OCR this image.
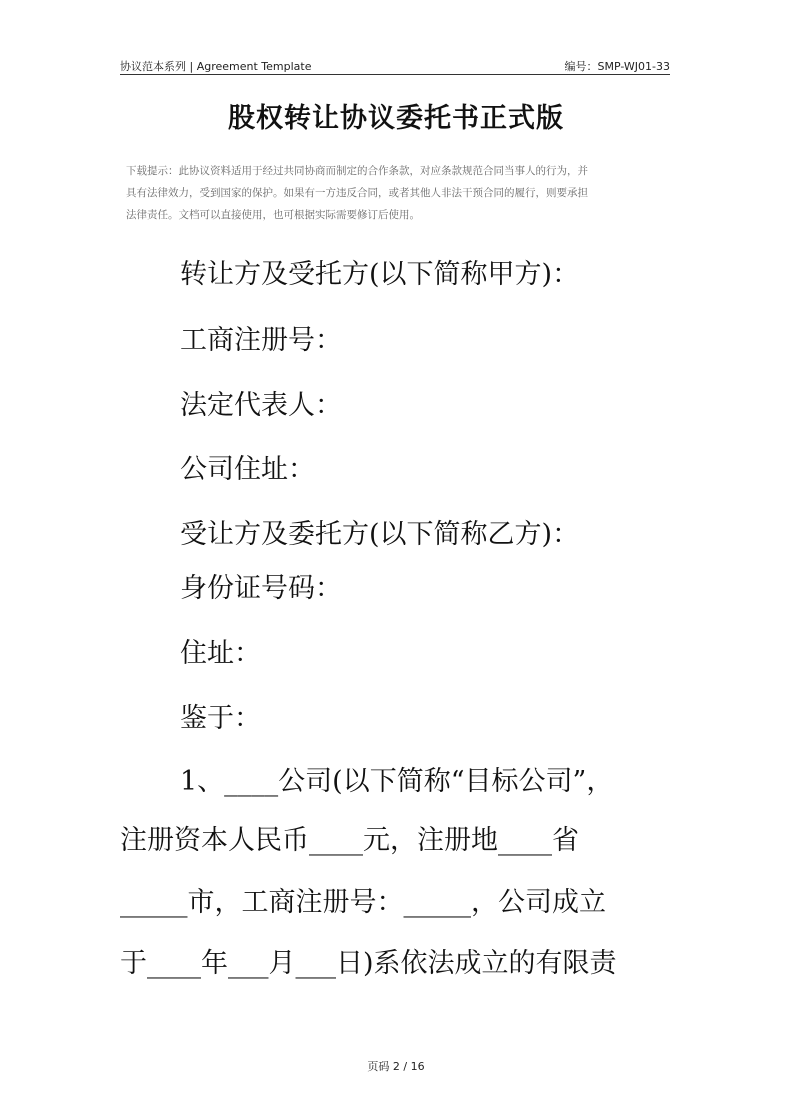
协议范本系列 | Agreement Template	编号：SMP-WJ01-33
股权转让协议委托书正式版
下载提示：此协议资料适用于经过共同协商而制定的合作条款，对应条款规范合同当事人的行为，并
具有法律效力，受到国家的保护。如果有一方违反合同，或者其他人非法干预合同的履行，则要承担
法律责任。文档可以直接使用，也可根据实际需要修订后使用。
转让方及受托方(以下简称甲方)：
工商注册号：
法定代表人：
公司住址：
受让方及委托方(以下简称乙方)：
身份证号码：
住址：
鉴于：
1、____公司(以下简称“目标公司”，
注册资本人民币____元，注册地____省
_____市，工商注册号：_____，公司成立
于____年___月___日)系依法成立的有限责
页码 2 / 16
